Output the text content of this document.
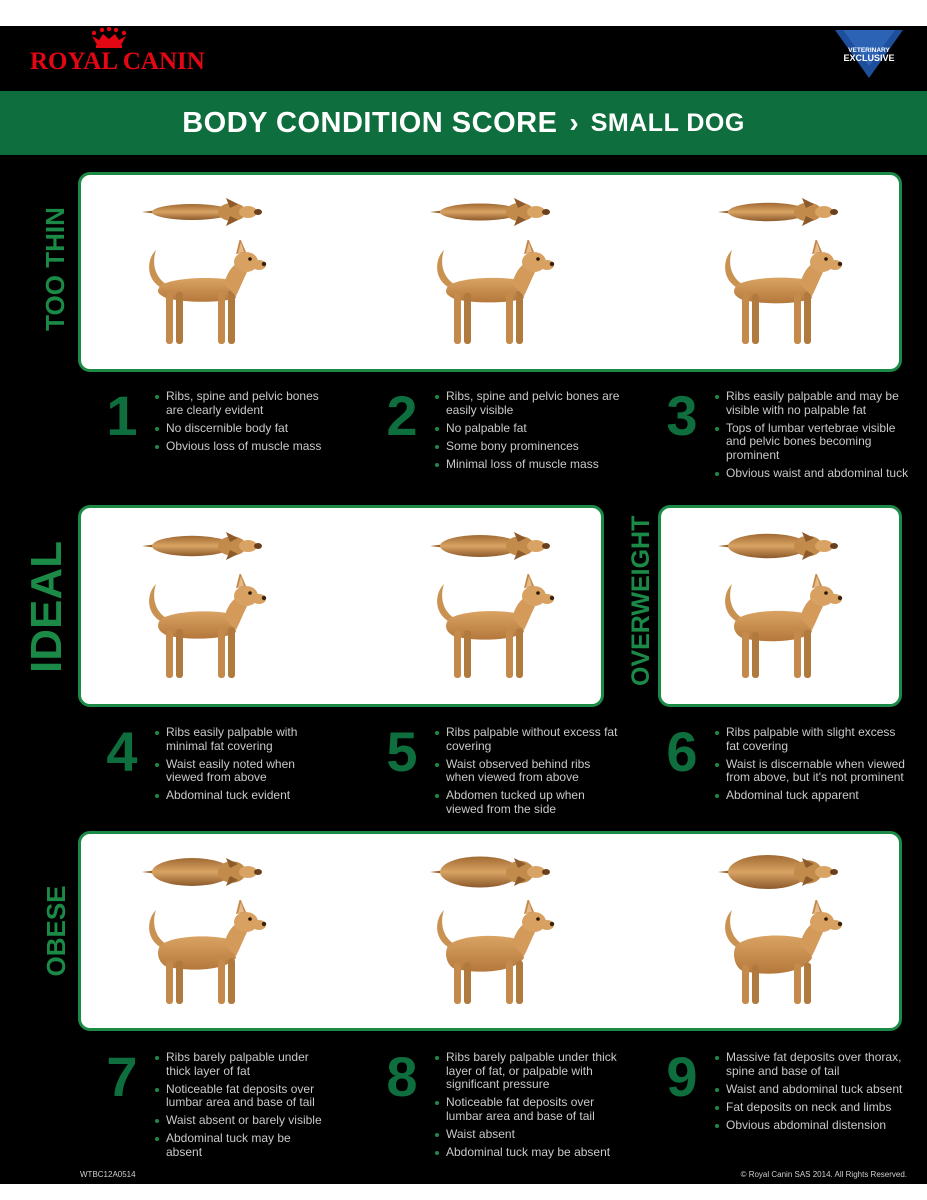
ROYAL CANIN	VETERINARY
EXCLUSIVE
BODY CONDITION SCORE › SMALL DOG
TOO THIN
IDEAL	OVERWEIGHT
OBESE
1	Ribs, spine and pelvic bones are clearly evident
No discernible body fat
Obvious loss of muscle mass 2	Ribs, spine and pelvic bones are easily visible
No palpable fat
Some bony prominences
Minimal loss of muscle mass
3	Ribs easily palpable and may be visible with no palpable fat
Tops of lumbar vertebrae visible and pelvic bones becoming prominent
Obvious waist and abdominal tuck
4	Ribs easily palpable with minimal fat covering
Waist easily noted when viewed from above
Abdominal tuck evident
5	Ribs palpable without excess fat covering
Waist observed behind ribs when viewed from above
Abdomen tucked up when viewed from the side
6	Ribs palpable with slight excess fat covering
Waist is discernable when viewed from above, but it's not prominent
Abdominal tuck apparent
7	Ribs barely palpable under thick layer of fat
Noticeable fat deposits over lumbar area and base of tail
Waist absent or barely visible
Abdominal tuck may be absent
8	Ribs barely palpable under thick layer of fat, or palpable with significant pressure
Noticeable fat deposits over lumbar area and base of tail
Waist absent
Abdominal tuck may be absent
9	Massive fat deposits over thorax, spine and base of tail
Waist and abdominal tuck absent
Fat deposits on neck and limbs
Obvious abdominal distension
WTBC12A0514	© Royal Canin SAS 2014. All Rights Reserved.
